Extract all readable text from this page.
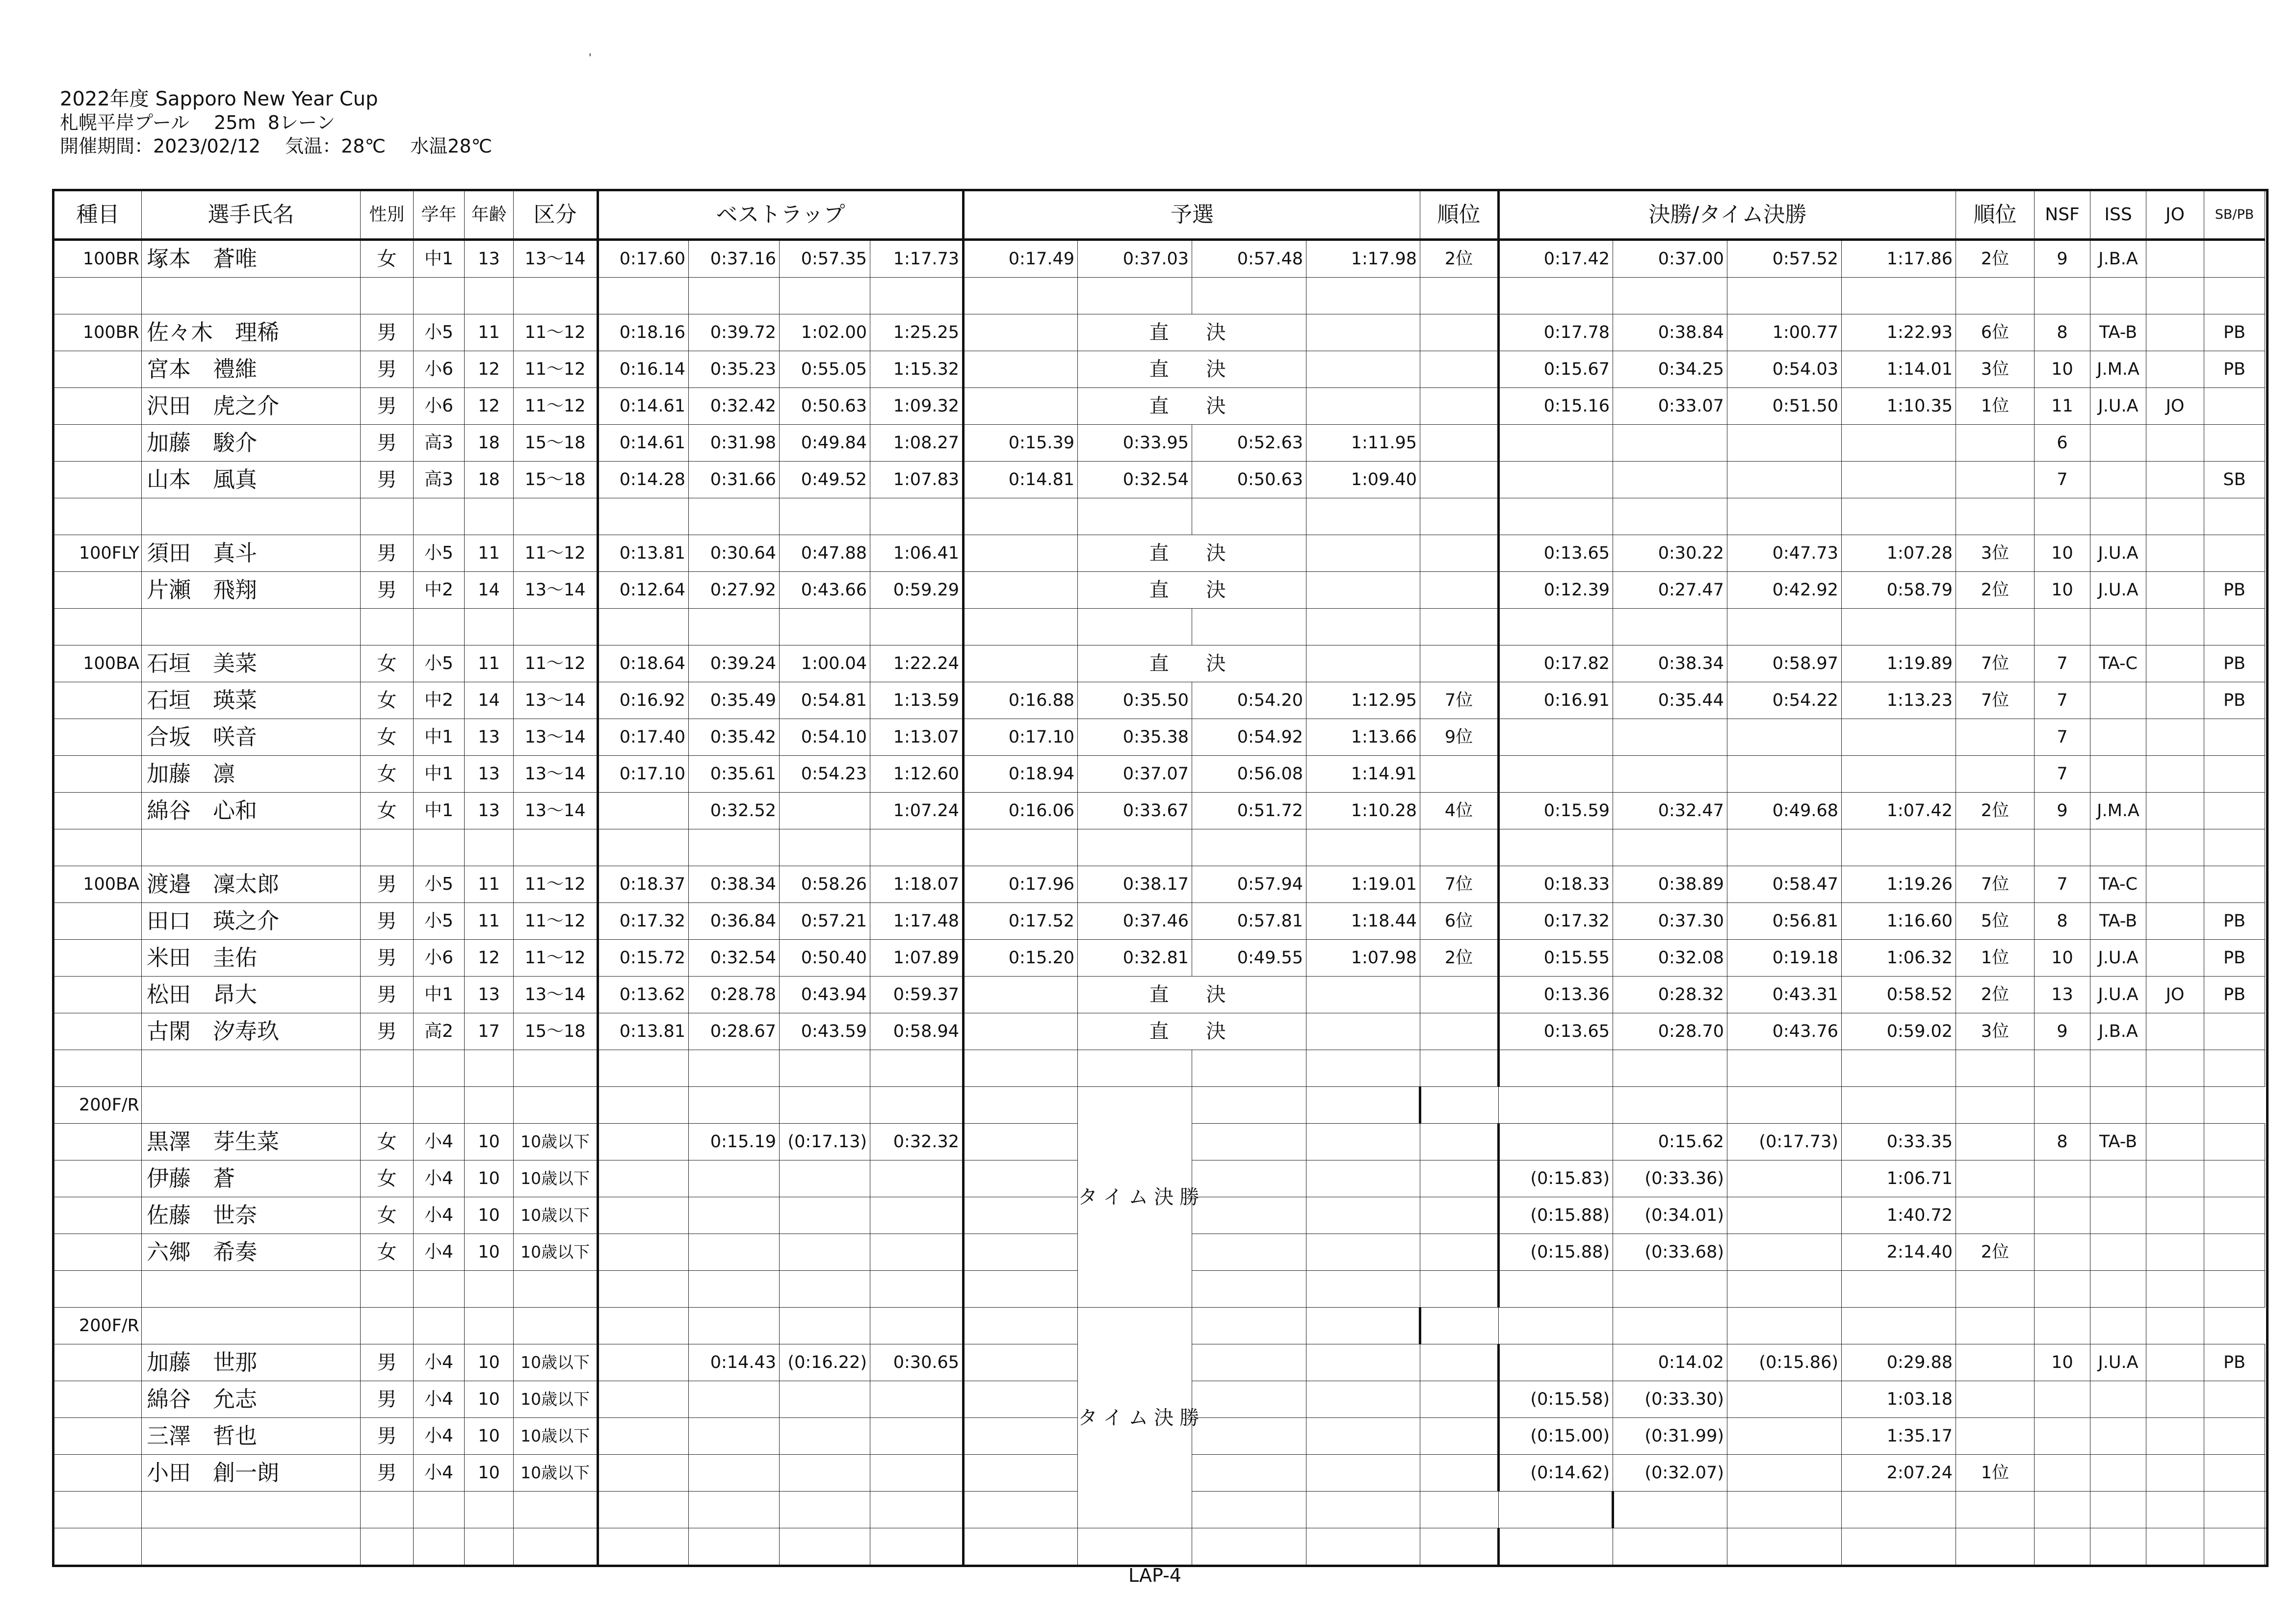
'
2022年度 Sapporo New Year Cup
札幌平岸プール　 25m  8レーン
開催期間：2023/02/12　 気温：28℃　 水温28℃
種目	選手氏名	性別	学年	年齢	区分	ベストラップ				予選				順位	決勝/タイム決勝				順位	NSF	ISS	JO	SB/PB	
100BR	塚本　蒼唯	女	中1	13	13～14	0:17.60	0:37.16	0:57.35	1:17.73	0:17.49	0:37.03	0:57.48	1:17.98	2位	0:17.42	0:37.00	0:57.52	1:17.86	2位	9	J.B.A			

100BR	佐々木　理稀	男	小5	11	11～12	0:18.16	0:39.72	1:02.00	1:25.25		直　決				0:17.78	0:38.84	1:00.77	1:22.93	6位	8	TA-B		PB	
	宮本　禮維	男	小6	12	11～12	0:16.14	0:35.23	0:55.05	1:15.32		直　決				0:15.67	0:34.25	0:54.03	1:14.01	3位	10	J.M.A		PB	
	沢田　虎之介	男	小6	12	11～12	0:14.61	0:32.42	0:50.63	1:09.32		直　決				0:15.16	0:33.07	0:51.50	1:10.35	1位	11	J.U.A	JO		
	加藤　駿介	男	高3	18	15～18	0:14.61	0:31.98	0:49.84	1:08.27	0:15.39	0:33.95	0:52.63	1:11.95							6				
	山本　風真	男	高3	18	15～18	0:14.28	0:31.66	0:49.52	1:07.83	0:14.81	0:32.54	0:50.63	1:09.40							7			SB	

100FLY	須田　真斗	男	小5	11	11～12	0:13.81	0:30.64	0:47.88	1:06.41		直　決				0:13.65	0:30.22	0:47.73	1:07.28	3位	10	J.U.A			
	片瀬　飛翔	男	中2	14	13～14	0:12.64	0:27.92	0:43.66	0:59.29		直　決				0:12.39	0:27.47	0:42.92	0:58.79	2位	10	J.U.A		PB	

100BA	石垣　美菜	女	小5	11	11～12	0:18.64	0:39.24	1:00.04	1:22.24		直　決				0:17.82	0:38.34	0:58.97	1:19.89	7位	7	TA-C		PB	
	石垣　瑛菜	女	中2	14	13～14	0:16.92	0:35.49	0:54.81	1:13.59	0:16.88	0:35.50	0:54.20	1:12.95	7位	0:16.91	0:35.44	0:54.22	1:13.23	7位	7			PB	
	合坂　咲音	女	中1	13	13～14	0:17.40	0:35.42	0:54.10	1:13.07	0:17.10	0:35.38	0:54.92	1:13.66	9位						7				
	加藤　凛	女	中1	13	13～14	0:17.10	0:35.61	0:54.23	1:12.60	0:18.94	0:37.07	0:56.08	1:14.91							7				
	綿谷　心和	女	中1	13	13～14		0:32.52		1:07.24	0:16.06	0:33.67	0:51.72	1:10.28	4位	0:15.59	0:32.47	0:49.68	1:07.42	2位	9	J.M.A			

100BA	渡邉　凜太郎	男	小5	11	11～12	0:18.37	0:38.34	0:58.26	1:18.07	0:17.96	0:38.17	0:57.94	1:19.01	7位	0:18.33	0:38.89	0:58.47	1:19.26	7位	7	TA-C			
	田口　瑛之介	男	小5	11	11～12	0:17.32	0:36.84	0:57.21	1:17.48	0:17.52	0:37.46	0:57.81	1:18.44	6位	0:17.32	0:37.30	0:56.81	1:16.60	5位	8	TA-B		PB	
	米田　圭佑	男	小6	12	11～12	0:15.72	0:32.54	0:50.40	1:07.89	0:15.20	0:32.81	0:49.55	1:07.98	2位	0:15.55	0:32.08	0:19.18	1:06.32	1位	10	J.U.A		PB	
	松田　昂大	男	中1	13	13～14	0:13.62	0:28.78	0:43.94	0:59.37		直　決				0:13.36	0:28.32	0:43.31	0:58.52	2位	13	J.U.A	JO	PB	
	古閑　汐寿玖	男	高2	17	15～18	0:13.81	0:28.67	0:43.59	0:58.94		直　決				0:13.65	0:28.70	0:43.76	0:59.02	3位	9	J.B.A			

200F/R											タイム決勝													
	黒澤　芽生菜	女	小4	10	10歳以下		0:15.19	(0:17.13)	0:32.32							0:15.62	(0:17.73)	0:33.35		8	TA-B			
	伊藤　蒼	女	小4	10	10歳以下										(0:15.83)	(0:33.36)		1:06.71						
	佐藤　世奈	女	小4	10	10歳以下										(0:15.88)	(0:34.01)		1:40.72						
	六郷　希奏	女	小4	10	10歳以下										(0:15.88)	(0:33.68)		2:14.40	2位					

200F/R											タイム決勝													
	加藤　世那	男	小4	10	10歳以下		0:14.43	(0:16.22)	0:30.65							0:14.02	(0:15.86)	0:29.88		10	J.U.A		PB	
	綿谷　允志	男	小4	10	10歳以下										(0:15.58)	(0:33.30)		1:03.18						
	三澤　哲也	男	小4	10	10歳以下										(0:15.00)	(0:31.99)		1:35.17						
	小田　創一朗	男	小4	10	10歳以下										(0:14.62)	(0:32.07)		2:07.24	1位					

LAP-4
